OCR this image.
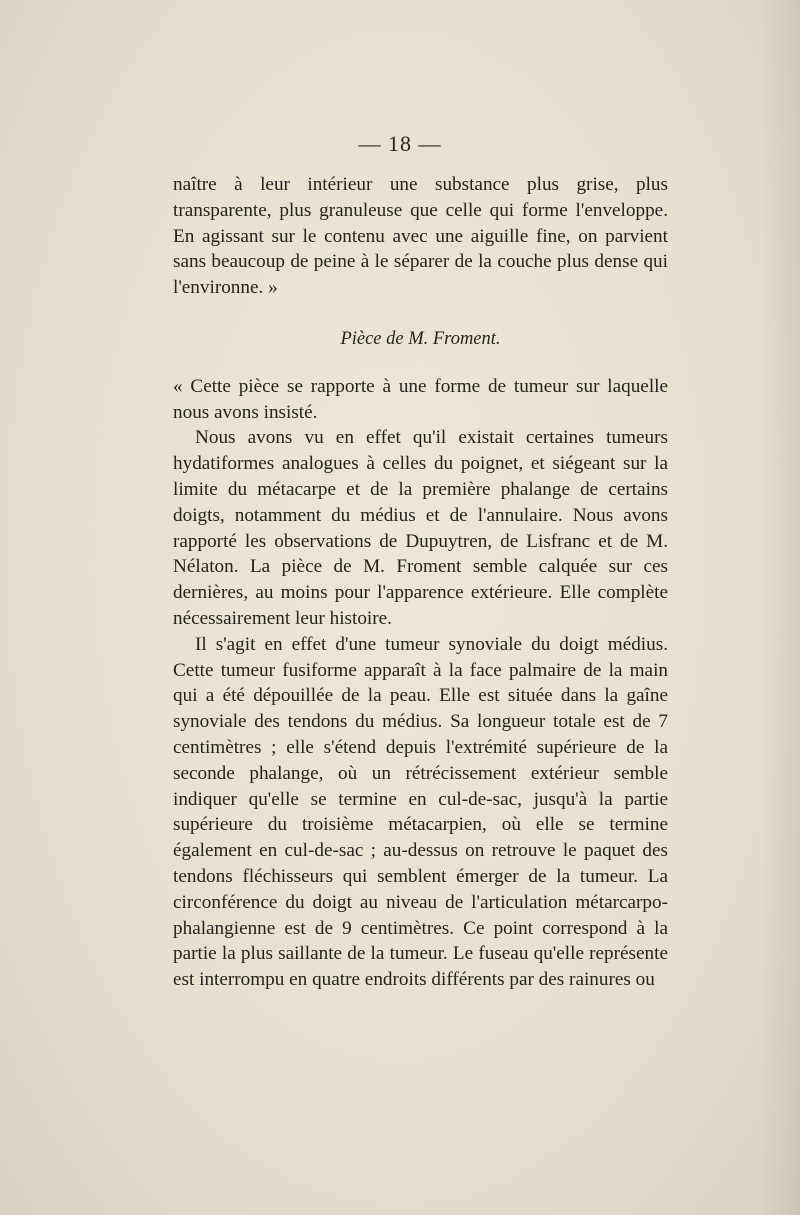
— 18 —

naître à leur intérieur une substance plus grise, plus transparente, plus granuleuse que celle qui forme l'enveloppe. En agissant sur le contenu avec une aiguille fine, on parvient sans beaucoup de peine à le séparer de la couche plus dense qui l'environne. »

Pièce de M. Froment.

« Cette pièce se rapporte à une forme de tumeur sur laquelle nous avons insisté.

Nous avons vu en effet qu'il existait certaines tumeurs hydatiformes analogues à celles du poignet, et siégeant sur la limite du métacarpe et de la première phalange de certains doigts, notamment du médius et de l'annulaire. Nous avons rapporté les observations de Dupuytren, de Lisfranc et de M. Nélaton. La pièce de M. Froment semble calquée sur ces dernières, au moins pour l'apparence extérieure. Elle complète nécessairement leur histoire.

Il s'agit en effet d'une tumeur synoviale du doigt médius. Cette tumeur fusiforme apparaît à la face palmaire de la main qui a été dépouillée de la peau. Elle est située dans la gaîne synoviale des tendons du médius. Sa longueur totale est de 7 centimètres ; elle s'étend depuis l'extrémité supérieure de la seconde phalange, où un rétrécissement extérieur semble indiquer qu'elle se termine en cul-de-sac, jusqu'à la partie supérieure du troisième métacarpien, où elle se termine également en cul-de-sac ; au-dessus on retrouve le paquet des tendons fléchisseurs qui semblent émerger de la tumeur. La circonférence du doigt au niveau de l'articulation métarcarpo-phalangienne est de 9 centimètres. Ce point correspond à la partie la plus saillante de la tumeur. Le fuseau qu'elle représente est interrompu en quatre endroits différents par des rainures ou
